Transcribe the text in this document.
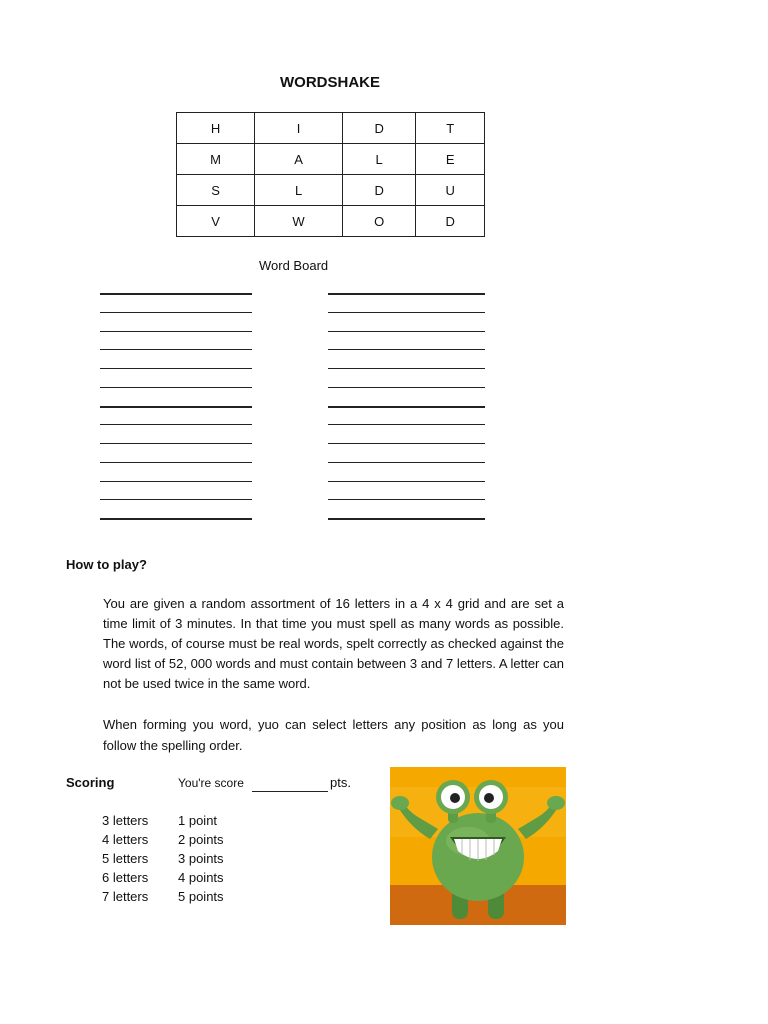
WORDSHAKE
H	I	D	T
M	A	L	E
S	L	D	U
V	W	O	D
Word Board
How to play?
You are given a random assortment of 16 letters in a 4 x 4 grid and are set a time limit of 3 minutes. In that time you must spell as many words as possible. The words, of course must be real words, spelt correctly as checked against the word list of 52, 000 words and must contain between 3 and 7 letters. A letter can not be used twice in the same word.
When forming you word, yuo can select letters any position as long as you follow the spelling order.
Scoring	You're score	pts.
3 letters 1 point
4 letters 2 points
5 letters 3 points
6 letters 4 points
7 letters 5 points
